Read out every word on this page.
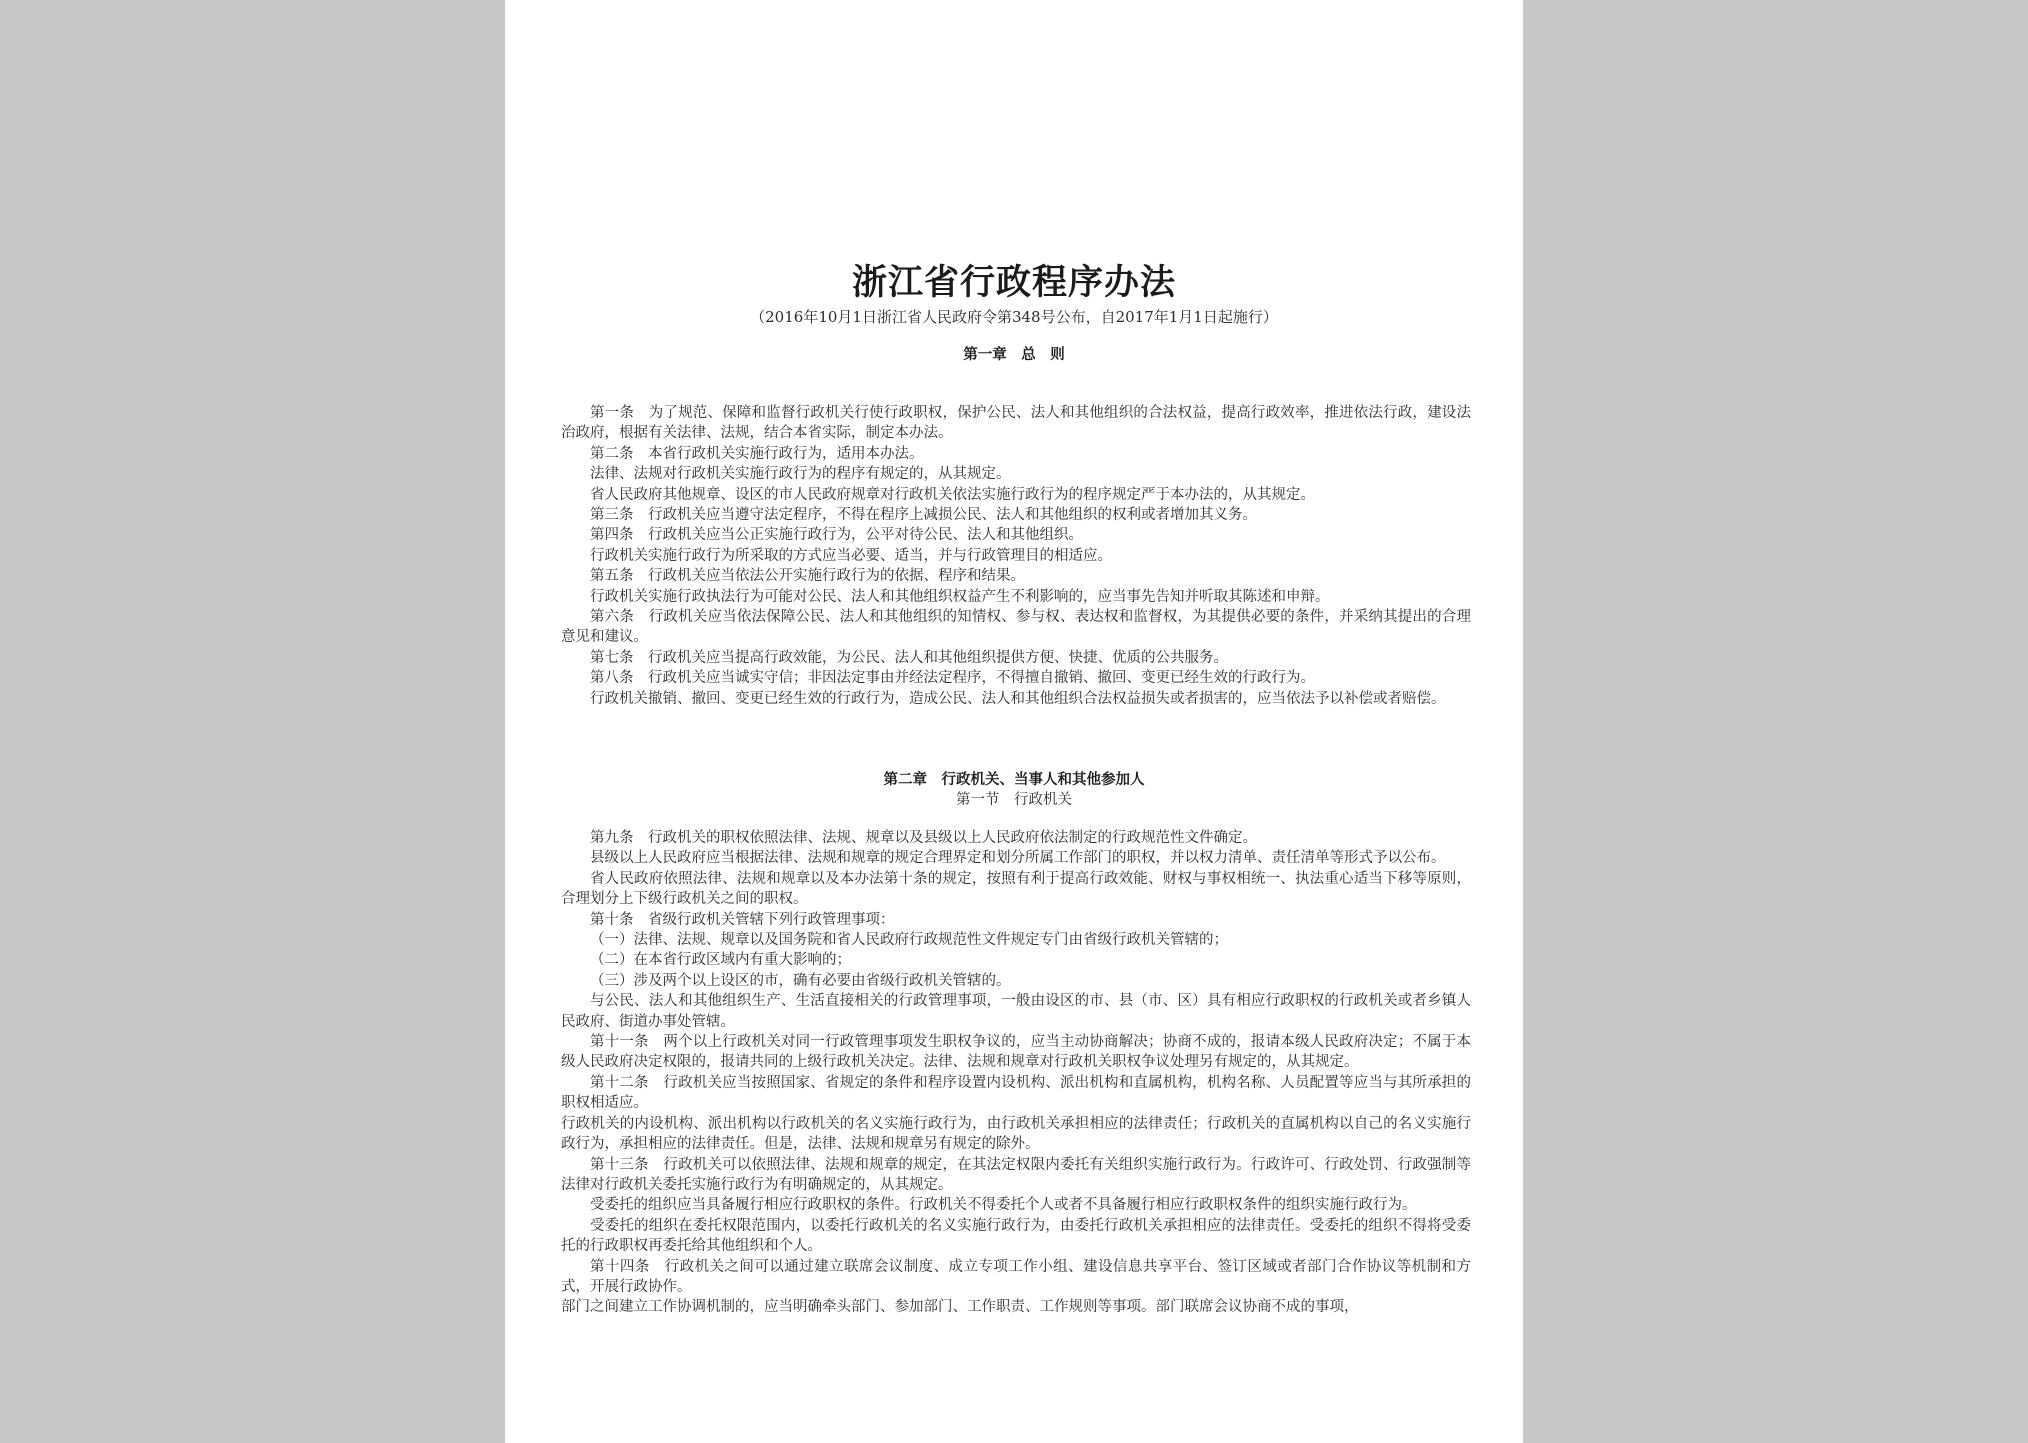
浙江省行政程序办法
（2016年10月1日浙江省人民政府令第348号公布，自2017年1月1日起施行）
第一章　总　则

第一条　为了规范、保障和监督行政机关行使行政职权，保护公民、法人和其他组织的合法权益，提高行政效率，推进依法行政，建设法治政府，根据有关法律、法规，结合本省实际，制定本办法。

第二条　本省行政机关实施行政行为，适用本办法。

法律、法规对行政机关实施行政行为的程序有规定的，从其规定。

省人民政府其他规章、设区的市人民政府规章对行政机关依法实施行政行为的程序规定严于本办法的，从其规定。

第三条　行政机关应当遵守法定程序，不得在程序上减损公民、法人和其他组织的权利或者增加其义务。

第四条　行政机关应当公正实施行政行为，公平对待公民、法人和其他组织。

行政机关实施行政行为所采取的方式应当必要、适当，并与行政管理目的相适应。

第五条　行政机关应当依法公开实施行政行为的依据、程序和结果。

行政机关实施行政执法行为可能对公民、法人和其他组织权益产生不利影响的，应当事先告知并听取其陈述和申辩。

第六条　行政机关应当依法保障公民、法人和其他组织的知情权、参与权、表达权和监督权，为其提供必要的条件，并采纳其提出的合理意见和建议。

第七条　行政机关应当提高行政效能，为公民、法人和其他组织提供方便、快捷、优质的公共服务。

第八条　行政机关应当诚实守信；非因法定事由并经法定程序，不得擅自撤销、撤回、变更已经生效的行政行为。

行政机关撤销、撤回、变更已经生效的行政行为，造成公民、法人和其他组织合法权益损失或者损害的，应当依法予以补偿或者赔偿。

第二章　行政机关、当事人和其他参加人
第一节　行政机关

第九条　行政机关的职权依照法律、法规、规章以及县级以上人民政府依法制定的行政规范性文件确定。

县级以上人民政府应当根据法律、法规和规章的规定合理界定和划分所属工作部门的职权，并以权力清单、责任清单等形式予以公布。

省人民政府依照法律、法规和规章以及本办法第十条的规定，按照有利于提高行政效能、财权与事权相统一、执法重心适当下移等原则，合理划分上下级行政机关之间的职权。

第十条　省级行政机关管辖下列行政管理事项：

（一）法律、法规、规章以及国务院和省人民政府行政规范性文件规定专门由省级行政机关管辖的；

（二）在本省行政区域内有重大影响的；

（三）涉及两个以上设区的市，确有必要由省级行政机关管辖的。

与公民、法人和其他组织生产、生活直接相关的行政管理事项，一般由设区的市、县（市、区）具有相应行政职权的行政机关或者乡镇人民政府、街道办事处管辖。

第十一条　两个以上行政机关对同一行政管理事项发生职权争议的，应当主动协商解决；协商不成的，报请本级人民政府决定；不属于本级人民政府决定权限的，报请共同的上级行政机关决定。法律、法规和规章对行政机关职权争议处理另有规定的，从其规定。

第十二条　行政机关应当按照国家、省规定的条件和程序设置内设机构、派出机构和直属机构，机构名称、人员配置等应当与其所承担的职权相适应。

行政机关的内设机构、派出机构以行政机关的名义实施行政行为，由行政机关承担相应的法律责任；行政机关的直属机构以自己的名义实施行政行为，承担相应的法律责任。但是，法律、法规和规章另有规定的除外。

第十三条　行政机关可以依照法律、法规和规章的规定，在其法定权限内委托有关组织实施行政行为。行政许可、行政处罚、行政强制等法律对行政机关委托实施行政行为有明确规定的，从其规定。

受委托的组织应当具备履行相应行政职权的条件。行政机关不得委托个人或者不具备履行相应行政职权条件的组织实施行政行为。

受委托的组织在委托权限范围内，以委托行政机关的名义实施行政行为，由委托行政机关承担相应的法律责任。受委托的组织不得将受委托的行政职权再委托给其他组织和个人。

第十四条　行政机关之间可以通过建立联席会议制度、成立专项工作小组、建设信息共享平台、签订区域或者部门合作协议等机制和方式，开展行政协作。

部门之间建立工作协调机制的，应当明确牵头部门、参加部门、工作职责、工作规则等事项。部门联席会议协商不成的事项，
